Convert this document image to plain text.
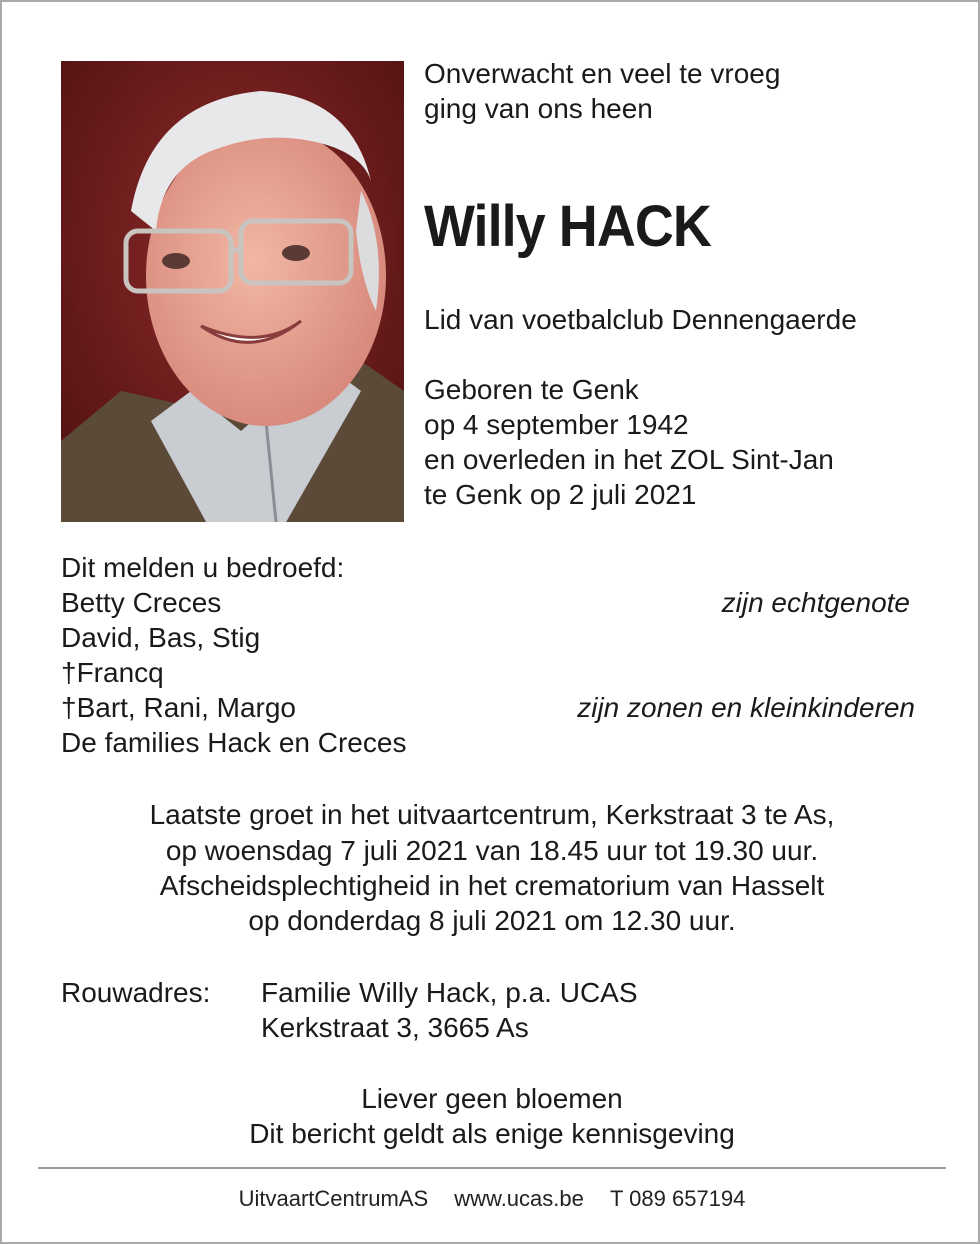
Onverwacht en veel te vroeg
ging van ons heen
Willy HACK
Lid van voetbalclub Dennengaerde
Geboren te Genk
op 4 september 1942
en overleden in het ZOL Sint-Jan
te Genk op 2 juli 2021
Dit melden u bedroefd:
Betty Creces	zijn echtgenote
David, Bas, Stig
†Francq
†Bart, Rani, Margo	zijn zonen en kleinkinderen
De families Hack en Creces
Laatste groet in het uitvaartcentrum, Kerkstraat 3 te As,
op woensdag 7 juli 2021 van 18.45 uur tot 19.30 uur.
Afscheidsplechtigheid in het crematorium van Hasselt
op donderdag 8 juli 2021 om 12.30 uur.
Rouwadres: Familie Willy Hack, p.a. UCAS
Kerkstraat 3, 3665 As
Liever geen bloemen
Dit bericht geldt als enige kennisgeving
UitvaartCentrumAS www.ucas.be T 089 657194
